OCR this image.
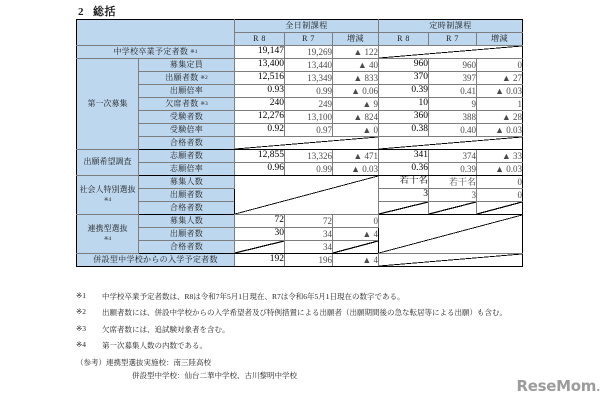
2 総括
		全日制課程			定時制課程		
		R 8	R 7	増減	R 8	R 7	増減
中学校卒業予定者数 ※1		19,147	19,269	▲ 122			
第一次募集	募集定員	13,400	13,440	▲ 40	960	960	0
	出願者数 ※2	12,516	13,349	▲ 833	370	397	▲ 27
	出願倍率	0.93	0.99	▲ 0.06	0.39	0.41	▲ 0.03
	欠席者数 ※3	240	249	▲ 9	10	9	1
	受験者数	12,276	13,100	▲ 824	360	388	▲ 28
	受験倍率	0.92	0.97	▲ 0	0.38	0.40	▲ 0.03
	合格者数						
出願希望調査	志願者数	12,855	13,326	▲ 471	341	374	▲ 33
	志願倍率	0.96	0.99	▲ 0.03	0.36	0.39	▲ 0.03
社会人特別選抜
※4	募集人数				若干名	若干名	0
	出願者数				3	3	0
	合格者数						
連携型選抜
※4	募集人数	72	72	0			
	出願者数	30	34	▲ 4			
	合格者数		34				
併設型中学校からの入学予定者数		192	196	▲ 4			
※1	中学校卒業予定者数は、R8は令和7年5月1日現在、R7は令和6年5月1日現在の数字である。
※2	出願者数には、併設中学校からの入学希望者及び特例措置による出願者（出願期間後の急な転居等による出願）も含む。
※3	欠席者数には、追試験対象者を含む。
※4	第一次募集人数の内数である。
（参考） 連携型選抜実施校：南三陸高校
併設型中学校：仙台二華中学校、古川黎明中学校
ReseMom.
